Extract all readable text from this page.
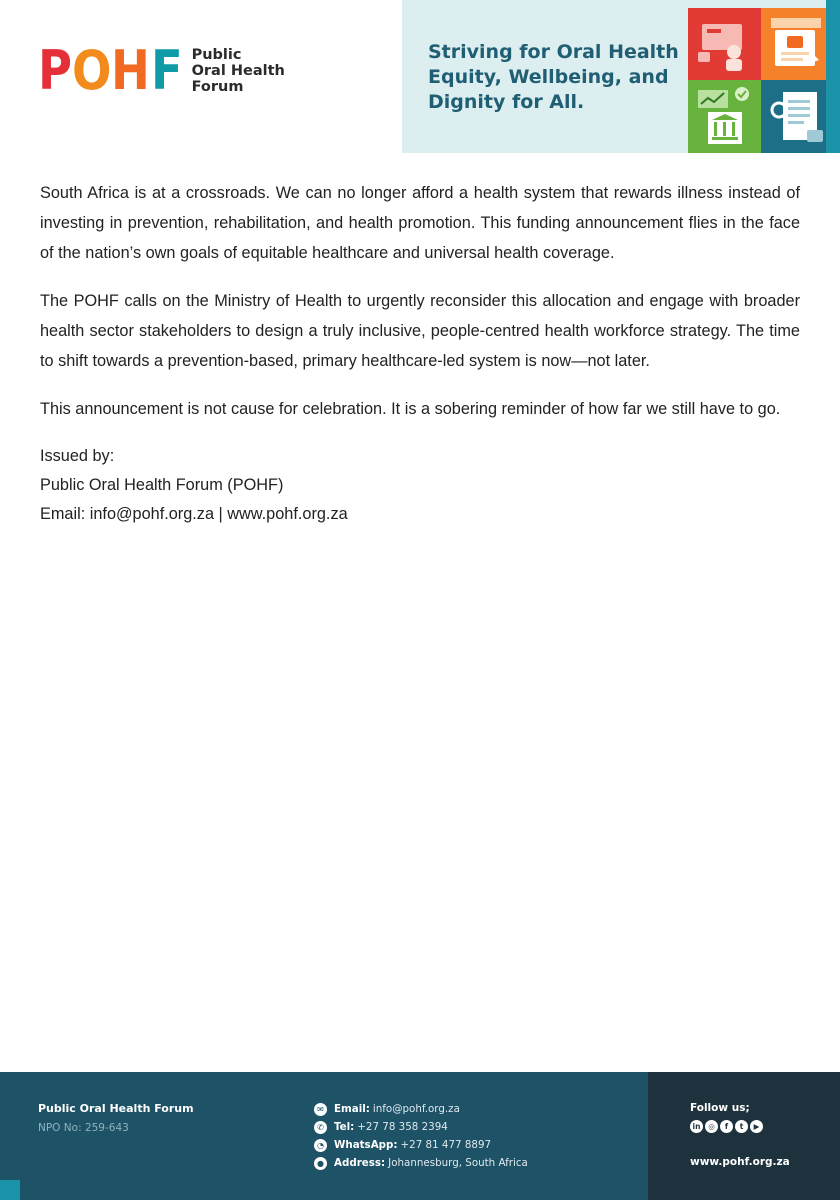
P O H F Public
Oral Health
Forum
Striving for Oral Health
Equity, Wellbeing, and
Dignity for All.

South Africa is at a crossroads. We can no longer afford a health system that rewards illness instead of investing in prevention, rehabilitation, and health promotion. This funding announcement flies in the face of the nation’s own goals of equitable healthcare and universal health coverage.

The POHF calls on the Ministry of Health to urgently reconsider this allocation and engage with broader health sector stakeholders to design a truly inclusive, people-centred health workforce strategy. The time to shift towards a prevention-based, primary healthcare-led system is now—not later.

This announcement is not cause for celebration. It is a sobering reminder of how far we still have to go.

Issued by:
Public Oral Health Forum (POHF)
Email: info@pohf.org.za | www.pohf.org.za
Public Oral Health Forum
NPO No: 259-643
✉ Email: info@pohf.org.za
✆ Tel: +27 78 358 2394
◔ WhatsApp: +27 81 477 8897
● Address: Johannesburg, South Africa
Follow us;
in	◎	f	t	▶
www.pohf.org.za
